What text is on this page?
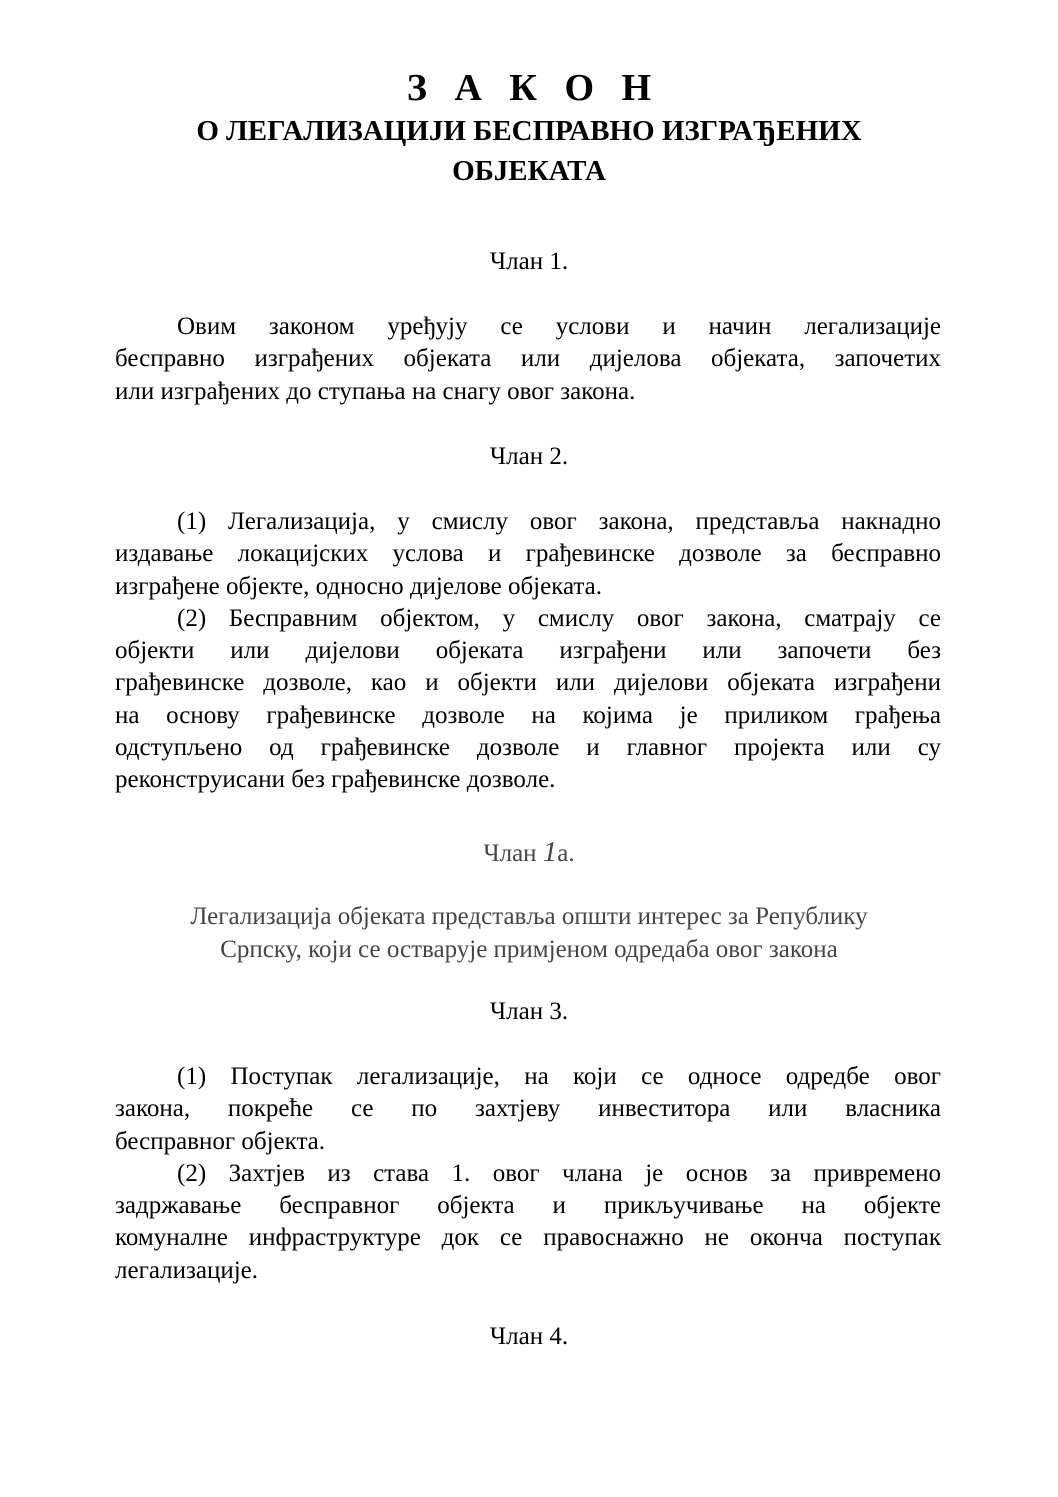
З А К О Н
О ЛЕГАЛИЗАЦИЈИ БЕСПРАВНО ИЗГРАЂЕНИХ
ОБЈЕКАТА
Члан 1.
Овим законом уређују се услови и начин легализације
бесправно изграђених објеката или дијелова објеката, започетих
или изграђених до ступања на снагу овог закона.
Члан 2.
(1) Легализација, у смислу овог закона, представља накнадно
издавање локацијских услова и грађевинске дозволе за бесправно
изграђене објекте, односно дијелове објеката.
(2) Бесправним објектом, у смислу овог закона, сматрају се
објекти или дијелови објеката изграђени или започети без
грађевинске дозволе, као и објекти или дијелови објеката изграђени
на основу грађевинске дозволе на којима је приликом грађења
одступљено од грађевинске дозволе и главног пројекта или су
реконструисани без грађевинске дозволе.
Члан 1а.
Легализација објеката представља општи интерес за Републику
Српску, који се остварује примјеном одредаба овог закона
Члан 3.
(1) Поступак легализације, на који се односе одредбе овог
закона, покреће се по захтјеву инвеститора или власника
бесправног објекта.
(2) Захтјев из става 1. овог члана је основ за привремено
задржавање бесправног објекта и прикључивање на објекте
комуналне инфраструктуре док се правоснажно не оконча поступак
легализације.
Члан 4.
